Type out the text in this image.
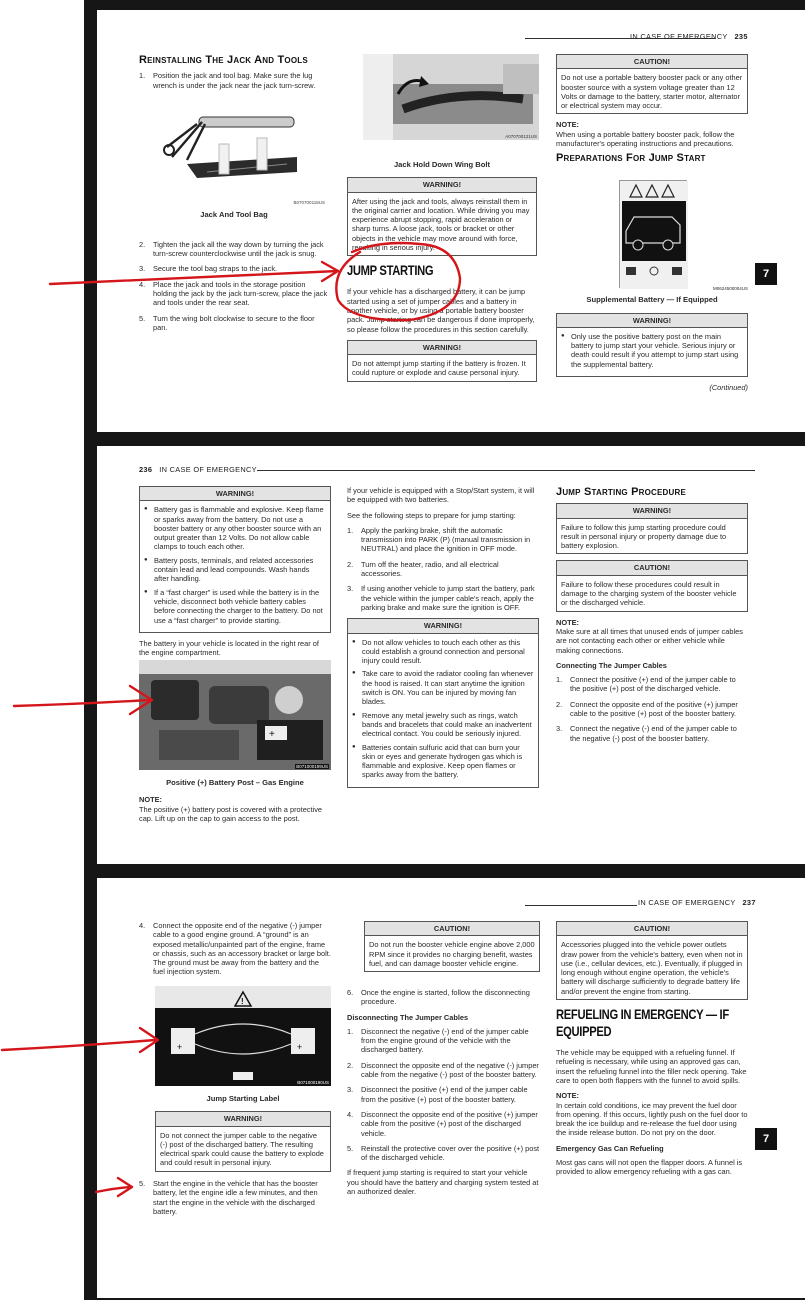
IN CASE OF EMERGENCY 235
Reinstalling The Jack And Tools
1. Position the jack and tool bag. Make sure the lug wrench is under the jack near the jack turn-screw.
2. Tighten the jack all the way down by turning the jack turn-screw counterclockwise until the jack is snug.
3. Secure the tool bag straps to the jack.
4. Place the jack and tools in the storage position holding the jack by the jack turn-screw, place the jack and tools under the rear seat.
5. Turn the wing bolt clockwise to secure to the floor pan.
B070700118US
Jack And Tool Bag
A070700121US
Jack Hold Down Wing Bolt
WARNING!
After using the jack and tools, always reinstall them in the original carrier and location. While driving you may experience abrupt stopping, rapid acceleration or sharp turns. A loose jack, tools or bracket or other objects in the vehicle may move around with force, resulting in serious injury.
JUMP STARTING

If your vehicle has a discharged battery, it can be jump started using a set of jumper cables and a battery in another vehicle, or by using a portable battery booster pack. Jump starting can be dangerous if done improperly, so please follow the procedures in this section carefully.

WARNING!
Do not attempt jump starting if the battery is frozen. It could rupture or explode and cause personal injury.
CAUTION!
Do not use a portable battery booster pack or any other booster source with a system voltage greater than 12 Volts or damage to the battery, starter motor, alternator or electrical system may occur.
NOTE:

When using a portable battery booster pack, follow the manufacturer's operating instructions and precautions.

Preparations For Jump Start
M0624500004US
Supplemental Battery — If Equipped
WARNING!
● Only use the positive battery post on the main battery to jump start your vehicle. Serious injury or death could result if you attempt to jump start using the supplemental battery.
(Continued)
7
236 IN CASE OF EMERGENCY
WARNING!
● Battery gas is flammable and explosive. Keep flame or sparks away from the battery. Do not use a booster battery or any other booster source with an output greater than 12 Volts. Do not allow cable clamps to touch each other.
● Battery posts, terminals, and related accessories contain lead and lead compounds. Wash hands after handling.
● If a “fast charger” is used while the battery is in the vehicle, disconnect both vehicle battery cables before connecting the charger to the battery. Do not use a “fast charger” to provide starting.

The battery in your vehicle is located in the right rear of the engine compartment.

+
B071000199US
Positive (+) Battery Post – Gas Engine
NOTE:

The positive (+) battery post is covered with a protective cap. Lift up on the cap to gain access to the post.

If your vehicle is equipped with a Stop/Start system, it will be equipped with two batteries.

See the following steps to prepare for jump starting:

1. Apply the parking brake, shift the automatic transmission into PARK (P) (manual transmission in NEUTRAL) and place the ignition in OFF mode.
2. Turn off the heater, radio, and all electrical accessories.
3. If using another vehicle to jump start the battery, park the vehicle within the jumper cable's reach, apply the parking brake and make sure the ignition is OFF.
WARNING!
● Do not allow vehicles to touch each other as this could establish a ground connection and personal injury could result.
● Take care to avoid the radiator cooling fan whenever the hood is raised. It can start anytime the ignition switch is ON. You can be injured by moving fan blades.
● Remove any metal jewelry such as rings, watch bands and bracelets that could make an inadvertent electrical contact. You could be seriously injured.
● Batteries contain sulfuric acid that can burn your skin or eyes and generate hydrogen gas which is flammable and explosive. Keep open flames or sparks away from the battery.
Jump Starting Procedure
WARNING!
Failure to follow this jump starting procedure could result in personal injury or property damage due to battery explosion.
CAUTION!
Failure to follow these procedures could result in damage to the charging system of the booster vehicle or the discharged vehicle.
NOTE:

Make sure at all times that unused ends of jumper cables are not contacting each other or either vehicle while making connections.

Connecting The Jumper Cables
1. Connect the positive (+) end of the jumper cable to the positive (+) post of the discharged vehicle.
2. Connect the opposite end of the positive (+) jumper cable to the positive (+) post of the booster battery.
3. Connect the negative (-) end of the jumper cable to the negative (-) post of the booster battery.
IN CASE OF EMERGENCY 237
4. Connect the opposite end of the negative (-) jumper cable to a good engine ground. A “ground” is an exposed metallic/unpainted part of the engine, frame or chassis, such as an accessory bracket or large bolt. The ground must be away from the battery and the fuel injection system.
!
+	+
B071000190US
Jump Starting Label
WARNING!
Do not connect the jumper cable to the negative (-) post of the discharged battery. The resulting electrical spark could cause the battery to explode and could result in personal injury.
5. Start the engine in the vehicle that has the booster battery, let the engine idle a few minutes, and then start the engine in the vehicle with the discharged battery.
CAUTION!
Do not run the booster vehicle engine above 2,000 RPM since it provides no charging benefit, wastes fuel, and can damage booster vehicle engine.
6. Once the engine is started, follow the disconnecting procedure.
Disconnecting The Jumper Cables
1. Disconnect the negative (-) end of the jumper cable from the engine ground of the vehicle with the discharged battery.
2. Disconnect the opposite end of the negative (-) jumper cable from the negative (-) post of the booster battery.
3. Disconnect the positive (+) end of the jumper cable from the positive (+) post of the booster battery.
4. Disconnect the opposite end of the positive (+) jumper cable from the positive (+) post of the discharged vehicle.
5. Reinstall the protective cover over the positive (+) post of the discharged vehicle.

If frequent jump starting is required to start your vehicle you should have the battery and charging system tested at an authorized dealer.

CAUTION!
Accessories plugged into the vehicle power outlets draw power from the vehicle's battery, even when not in use (i.e., cellular devices, etc.). Eventually, if plugged in long enough without engine operation, the vehicle's battery will discharge sufficiently to degrade battery life and/or prevent the engine from starting.
REFUELING IN EMERGENCY — IF EQUIPPED

The vehicle may be equipped with a refueling funnel. If refueling is necessary, while using an approved gas can, insert the refueling funnel into the filler neck opening. Take care to open both flappers with the funnel to avoid spills.

NOTE:

In certain cold conditions, ice may prevent the fuel door from opening. If this occurs, lightly push on the fuel door to break the ice buildup and re-release the fuel door using the inside release button. Do not pry on the door.

Emergency Gas Can Refueling

Most gas cans will not open the flapper doors. A funnel is provided to allow emergency refueling with a gas can.

7
